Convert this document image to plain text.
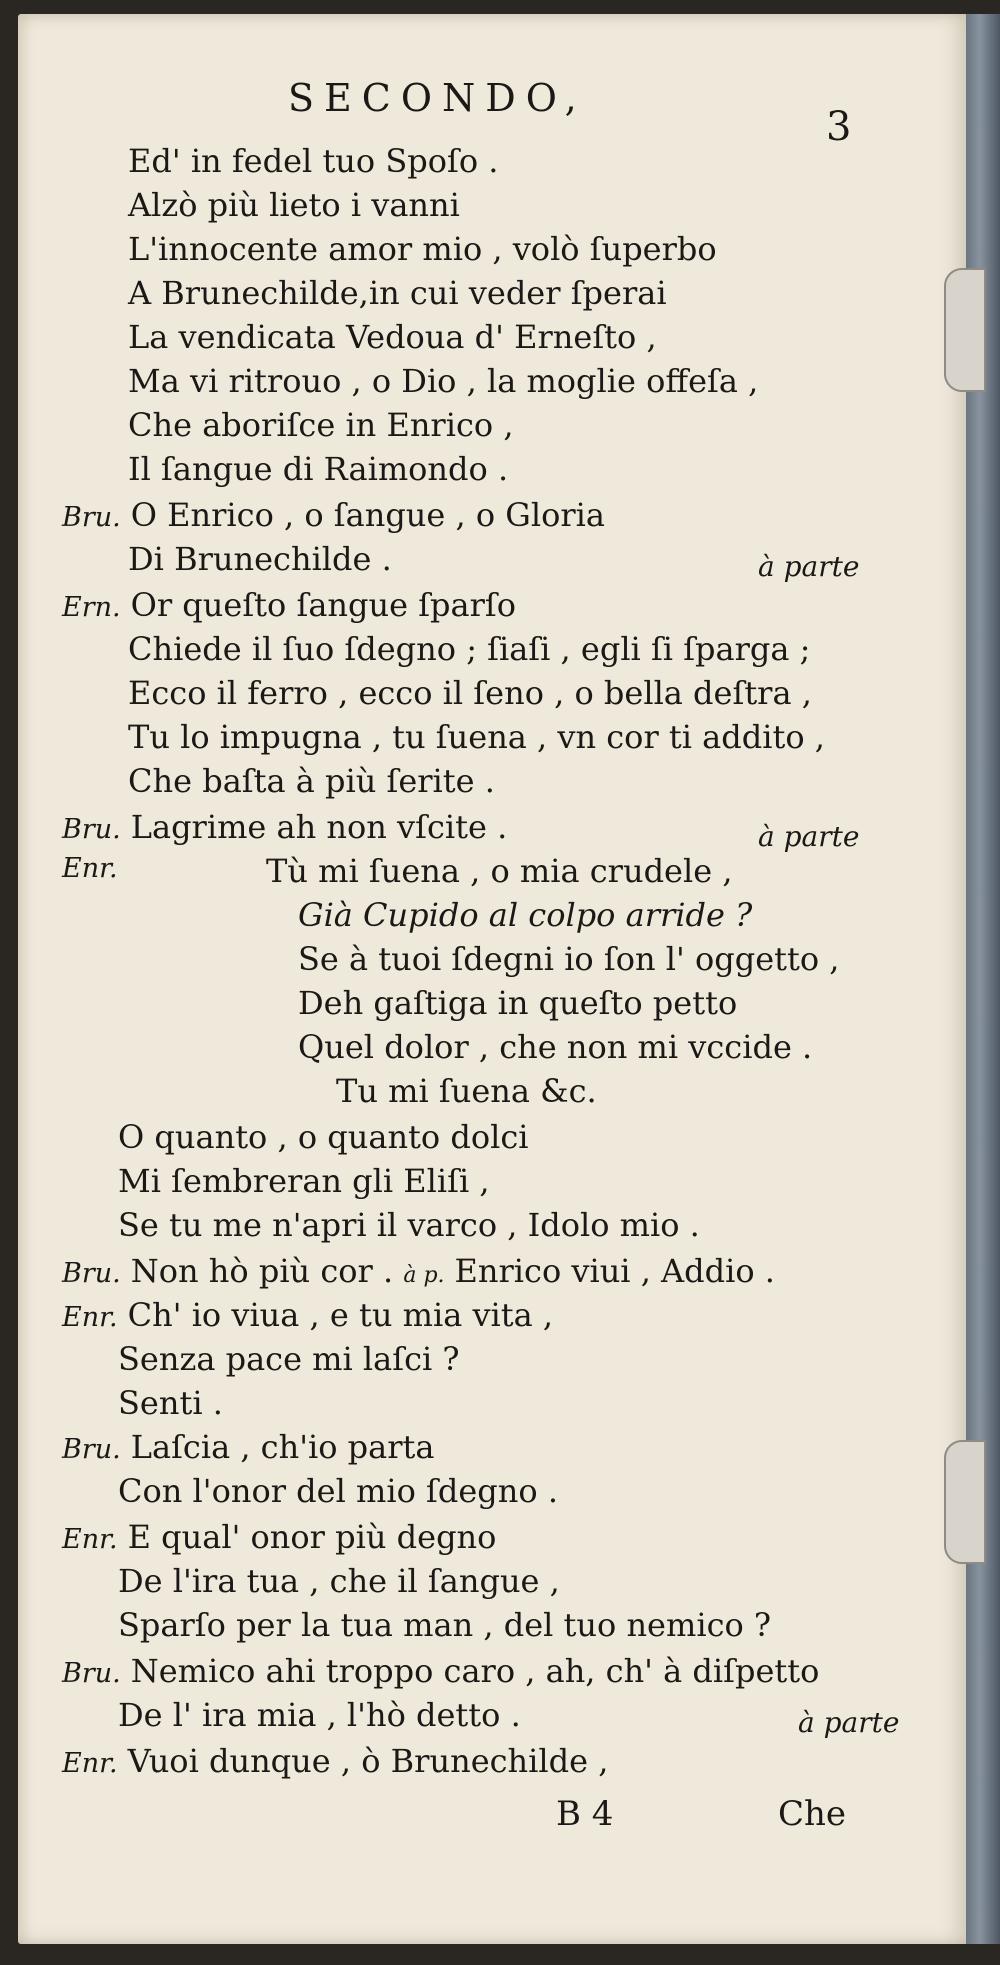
SECONDO,
3
Ed' in fedel tuo Spoſo .
Alzò più lieto i vanni
L'innocente amor mio , volò ſuperbo
A Brunechilde,in cui veder ſperai
La vendicata Vedoua d' Erneſto ,
Ma vi ritrouo , o Dio , la moglie offeſa ,
Che aboriſce in Enrico ,
Il ſangue di Raimondo .
Bru. O Enrico , o ſangue , o Gloria
Di Brunechilde .	à parte
Ern. Or queſto ſangue ſparſo
Chiede il ſuo ſdegno ; ſiaſi , egli ſi ſparga ;
Ecco il ferro , ecco il ſeno , o bella deſtra ,
Tu lo impugna , tu ſuena , vn cor ti addito ,
Che baſta à più ſerite .
Bru. Lagrime ah non vſcite .	à parte
Enr.	Tù mi ſuena , o mia crudele ,
Già Cupido al colpo arride ?
Se à tuoi ſdegni io ſon l' oggetto ,
Deh gaſtiga in queſto petto
Quel dolor , che non mi vccide .
Tu mi ſuena &c.
O quanto , o quanto dolci
Mi ſembreran gli Eliſi ,
Se tu me n'apri il varco , Idolo mio .
Bru. Non hò più cor . à p. Enrico viui , Addio .
Enr. Ch' io viua , e tu mia vita ,
Senza pace mi laſci ?
Senti .
Bru. Laſcia , ch'io parta
Con l'onor del mio ſdegno .
Enr. E qual' onor più degno
De l'ira tua , che il ſangue ,
Sparſo per la tua man , del tuo nemico ?
Bru. Nemico ahi troppo caro , ah, ch' à diſpetto
De l' ira mia , l'hò detto .	à parte
Enr. Vuoi dunque , ò Brunechilde ,
B 4	Che
